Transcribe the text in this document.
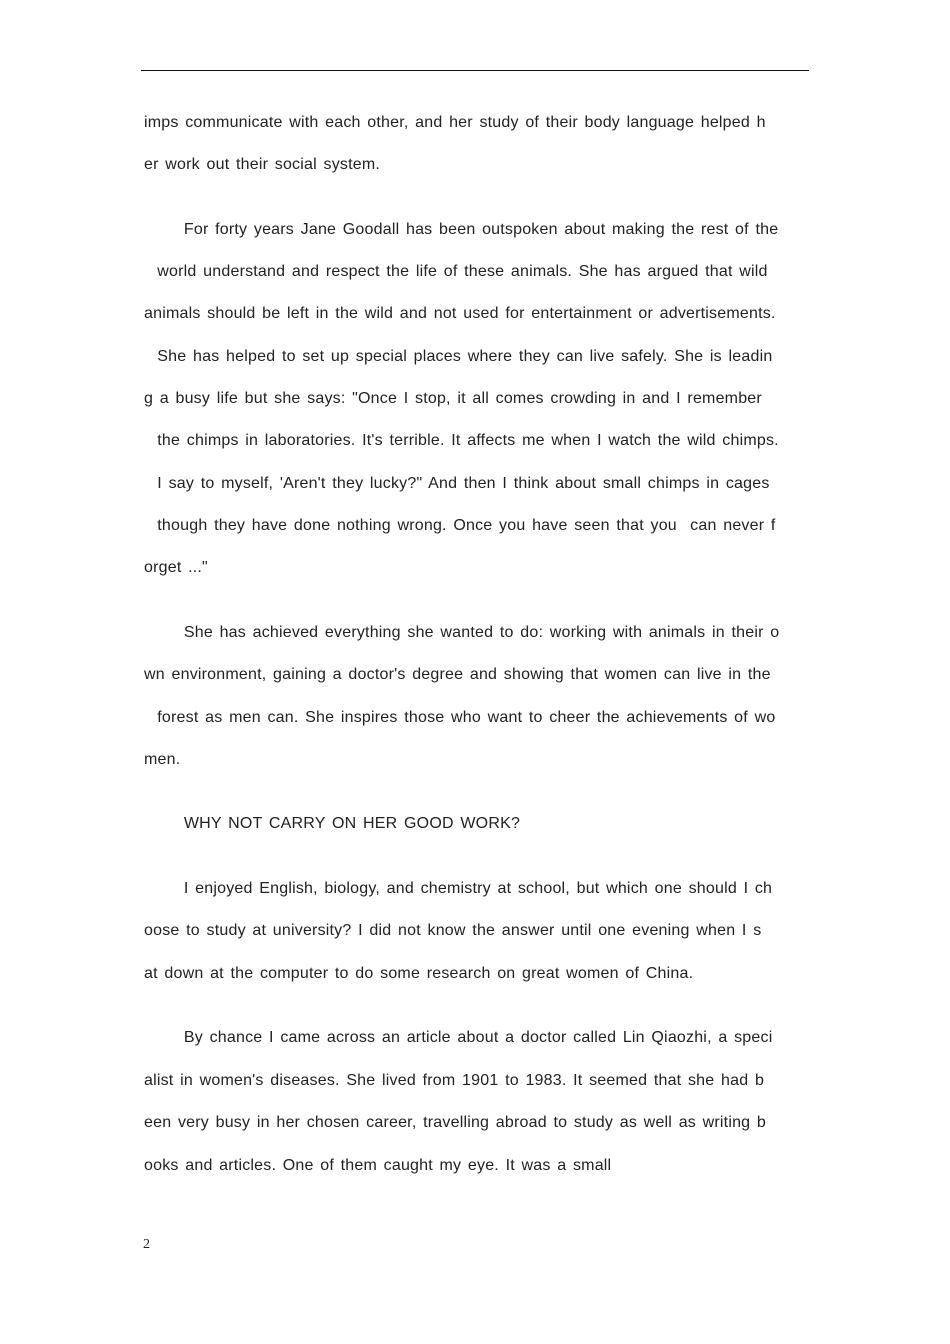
imps communicate with each other, and her study of their body language helped h
er work out their social system.
For forty years Jane Goodall has been outspoken about making the rest of the
world understand and respect the life of these animals. She has argued that wild
animals should be left in the wild and not used for entertainment or advertisements.
She has helped to set up special places where they can live safely. She is leadin
g a busy life but she says: "Once I stop, it all comes crowding in and I remember
the chimps in laboratories. It's terrible. It affects me when I watch the wild chimps.
I say to myself, 'Aren't they lucky?" And then I think about small chimps in cages
though they have done nothing wrong. Once you have seen that you  can never f
orget ..."
She has achieved everything she wanted to do: working with animals in their o
wn environment, gaining a doctor's degree and showing that women can live in the
forest as men can. She inspires those who want to cheer the achievements of wo
men.
WHY NOT CARRY ON HER GOOD WORK?
I enjoyed English, biology, and chemistry at school, but which one should I ch
oose to study at university? I did not know the answer until one evening when I s
at down at the computer to do some research on great women of China.
By chance I came across an article about a doctor called Lin Qiaozhi, a speci
alist in women's diseases. She lived from 1901 to 1983. It seemed that she had b
een very busy in her chosen career, travelling abroad to study as well as writing b
ooks and articles. One of them caught my eye. It was a small
2
